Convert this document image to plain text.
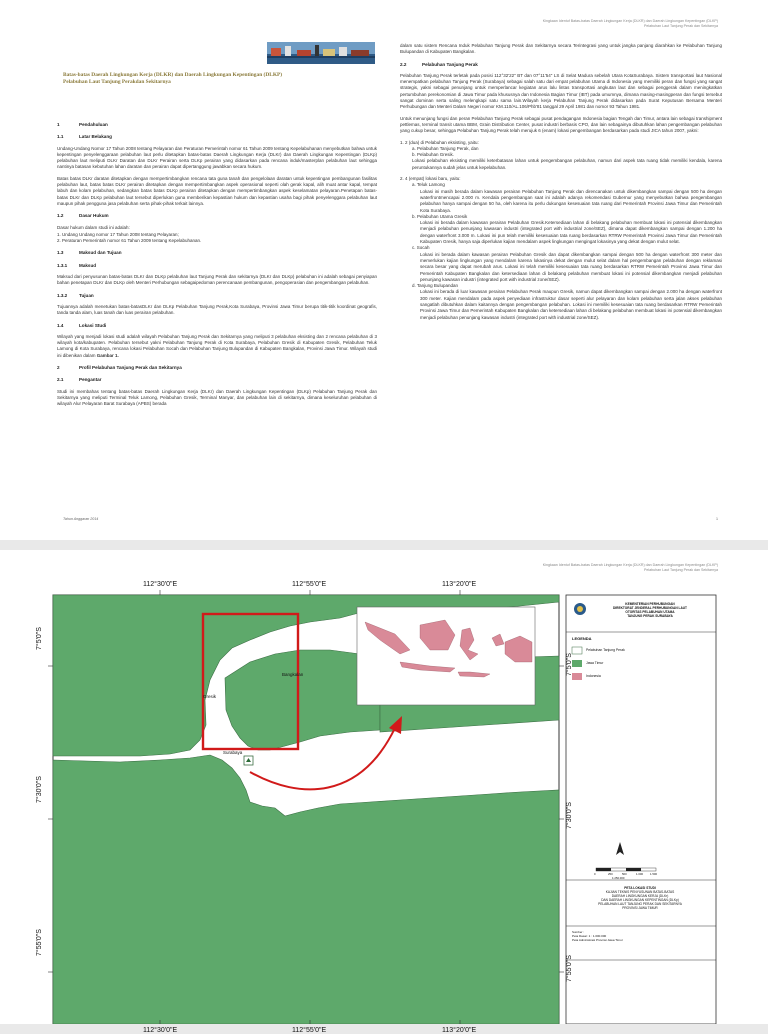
Kingkaan Identuf Batas-batas Daerah Lingkungan Kerja (DLKR) dan Daerah Lingkungan Kepentingan (DLKP)
Pelabuhan Laut Tanjung Perak dan Sekitarnya
Batas-batas Daerah Lingkungan Kerja (DLKR) dan Daerah Lingkungan Kepentingan (DLKP)
Pelabuhan Laut Tanjung Perakdan Sekitarnya
1	Pendahuluan
1.1	Latar Belakang

Undang-Undang Nomor 17 Tahun 2008 tentang Pelayaran dan Peraturan Pemerintah nomor 61 Tahun 2009 tentang Kepelabuhanan menyebutkan bahwa untuk kepentingan penyelenggaraan pelabuhan laut perlu ditetapkan batas-batas Daerah Lingkungan Kerja (DLKr) dan Daerah Lingkungan Kepentingan (DLKp) pelabuhan laut meliputi DLKr Daratan dan DLKr Perairan serta DLKp perairan yang didasarkan pada rencana induk/masterplan pelabuhan laut sehingga nantinya batasan kebutuhan lahan daratan dan perairan dapat dipertanggung jawabkan secara hukum.

Batas batas DLKr daratan ditetapkan dengan mempertimbangkan rencana tata guna tanah dan pengelolaan daratan untuk kepentingan pembangunan fasilitas pelabuhan laut, batas batas DLKr perairan ditetapkan dengan mempertimbangkan aspek operasional seperti olah gerak kapal, alih muat antar kapal, tempat labuh dan kolam pelabuhan, sedangkan batas batas DLKp perairan ditetapkan dengan mempertimbangkan aspek keselamatan pelayaran.Penetapan batas-batas DLKr dan DLKp pelabuhan laut tersebut diperlukan guna memberikan kepastian hukum dan kepastian usaha bagi pihak penyelenggara pelabuhan laut maupun pihak pengguna jasa pelabuhan serta pihak-pihak terkait lainnya.

1.2	Dasar Hukum

Dasar hukum dalam studi ini adalah:

1. Undang Undang nomor 17 Tahun 2008 tentang Pelayaran;
2. Peraturan Pemerintah nomor 61 Tahun 2009 tentang Kepelabuhanan.
1.3	Maksud dan Tujuan
1.3.1	Maksud

Maksud dari penyusunan batas-batas DLKr dan DLKp pelabuhan laut Tanjung Perak dan sekitarnya (DLKr dan DLKp) pelabuhan ini adalah sebagai penyiapan bahan penetapan DLKr dan DLKp oleh Menteri Perhubungan sebagaipedoman perencanaan pembangunan, pengoperasian dan pengembangan pelabuhan.

1.3.2	Tujuan

Tujuannya adalah menetukan batas-batasDLKr dan DLKp Pelabuhan Tanjung Perak,Kota Surabaya, Provinsi Jawa Timur berupa titik-titik koordinat geografis, tanda tanda alam, luas tanah dan luas perairan pelabuhan.

1.4	Lokasi Studi

Wilayah yang menjadi lokasi studi adalah wilayah Pelabuhan Tanjung Perak dan Sekitarnya yang meliputi 3 pelabuhan eksisting dan 2 rencana pelabuhan di 3 wilayah kota/kabupaten. Pelabuhan tersebut yakni Pelabuhan Tanjung Perak di Kota Surabaya, Pelabuhan Gresik di Kabupaten Gresik, Pelabuhan Teluk Lamong di Kota Surabaya, rencana lokasi Pelabuhan Socah dan Pelabuhan Tanjung Bulupandan di Kabupaten Bangkalan, Provinsi Jawa Timur. Wilayah studi ini dibenikan dalam Gambar 1.

2	Profil Pelabuhan Tanjung Perak dan Sekitarnya
2.1	Pengantar

Studi ini membahas tentang batas-batas Daerah Lingkungan Kerja (DLKr) dan Daerah Lingkungan Kepentingan (DLKp) Pelabuhan Tanjung Perak dan Sekitarnya yang meliputi Terminal Teluk Lamong, Pelabuhan Gresik, Terminal Manyar, dan pelabuhan lain di sekitarnya, dimana keseluruhan pelabuhan di wilayah Alur Pelayaran Barat Surabaya (APBS) berada

dalam satu sistem Rencana Induk Pelabuhan Tanjung Perak dan Sekitarnya secara Terintegrasi yang untuk jangka panjang diarahkan ke Pelabuhan Tanjung Bulupandan di Kabupaten Bangkalan.

2.2	Pelabuhan Tanjung Perak

Pelabuhan Tanjung Perak terletak pada posisi 112°32'22" BT dan 07°11'54" LS di Selat Madura sebelah Utara KotaSurabaya. Sistem transportasi laut Nasional menempatkan pelabuhan Tanjung Perak (Surabaya) sebagai salah satu dari empat pelabuhan Utama di Indonesia yang memiliki peran dan fungsi yang sangat strategis, yakni sebagai penunjang untuk memperlancar kegiatan arus lalu lintas transportasi angkutan laut dan sebagai penggerak dalam meningkatkan pertumbuhan perekonomian di Jawa Timur pada khususnya dan Indonesia Bagian Timur (IBT) pada umumnya, dimana masing-masingperan dan fungsi tersebut sangat dominan serta saling melengkapi satu sama lain.Wilayah kerja Pelabuhan Tanjung Perak didasarkan pada Surat Keputusan Bersama Menteri Perhubungan dan Menteri Dalam Negeri nomor KM.110/AL.106/Phb'81 tanggal 29 April 1981 dan nomor 93 Tahun 1981.

Untuk menunjang fungsi dan peran Pelabuhan Tanjung Perak sebagai pusat pendagangan Indonesia bagian Tengah dan Timur, antara lain sebagai transhipment pettlemas, terminal transit utama BBM, Grain Distribution Center, pusat industri berbasis CPO, dan lain sebagainya dibutuhkan lahan pengembangan pelabuhan yang cukup besar, sehingga Pelabuhan Tanjung Perak telah merujuk 6 (enam) lokasi pengembangan berdasarkan pada studi JICA tahun 2007, yakni:

1. 2 (dua) di Pelabuhan eksisting, yaitu:
a. Pelabuhan Tanjung Perak, dan
b. Pelabuhan Gresik.

Lokasi pelabuhan eksisting memiliki keterbatasan lahan untuk pengembangan pelabuhan, namun dari aspek tata ruang tidak memiliki kendala, karena peruntukannya sudah jelas untuk kepelabuhan.

2. 4 (empat) lokasi baru, yaitu:
a. Teluk Lamong

Lokasi ini masih berada dalam kawasan perairan Pelabuhan Tanjung Perak dan direncanakan untuk dikembangkan sampai dengan 500 ha dengan waterfrontmencapai 2.000 m. Kendala pengembangan saat ini adalah adanya rekomendasi Gubernur yang menyebutkan bahwa pengembangan pelabuhan hanya sampai dengan 50 ha, oleh karena itu perlu dukungan kesesuaian tata ruang dari Pemerintah Provinsi Jawa Timur dan Pemerintah Kota Surabaya.

b. Pelabuhan Utama Gresik

Lokasi ini berada dalam kawasan perairan Pelabuhan Gresik.Ketersediaan lahan di belakang pelabuhan membuat lokasi ini potensial dikembangkan menjadi pelabuhan penunjang kawasan industri (integrated port with industrial zone/SEZ), dimana dapat dikembangkan sampai dengan 1.200 ha dengan waterfront 3.000 m. Lokasi ini pun telah memiliki kesesuaian tata ruang berdasarkan RTRW Pemerintah Provinsi Jawa Timur dan Pemerintah Kabupaten Gresik, hanya saja diperlukan kajian mendalam aspek lingkungan mengingat lokasinya yang dekat dengan mulut selat.

c. Socah

Lokasi ini berada dalam kawasan perairan Pelabuhan Gresik dan dapat dikembangkan sampai dengan 500 ha dengan waterfront 300 meter dan memerlukan kajian lingkungan yang mendalam karena lokasinya dekat dengan mulut selat dalam hal pengembangan pelabuhan dengan reklamasi secara besar yang dapat merubah arus. Lokasi ini telah memiliki kesesuaian tata ruang berdasarkan RTRW Pemerintah Provinsi Jawa Timur dan Pemerintah Kabupaten Bangkalan dan ketersediaan lahan di belakang pelabuhan membuat lokasi ini potensial dikembangkan menjadi pelabuhan penunjang kawasan industri (integrated port with industrial zone/SEZ).

d. Tanjung Bulupandan

Lokasi ini berada di luar kawasan perairan Pelabuhan Perak maupun Gresik, namun dapat dikembangkan sampai dengan 2.000 ha dengan waterfront 300 meter. Kajian mendalam pada aspek penyediaan infrastruktur dasar seperti alur pelayaran dan kolam pelabuhan serta jalan akses pelabuhan sangatlah dibutuhkan dalam kaitannya dengan pengembangan pelabuhan. Lokasi ini memiliki kesesuaian tata ruang berdasarkan RTRW Pemerintah Provinsi Jawa Timur dan Pemerintah Kabupaten Bangkalan dan ketersediaan lahan di belakang pelabuhan membuat lokasi ini potensial dikembangkan menjadi pelabuhan penunjang kawasan industri (integrated port with industrial zone/SEZ).

Tahun Anggaran 2014	1
Kingkaan Identuf Batas-batas Daerah Lingkungan Kerja (DLKR) dan Daerah Lingkungan Kepentingan (DLKP)
Pelabuhan Laut Tanjung Perak dan Sekitarnya
112°30'0"E	112°55'0"E	113°20'0"E
112°30'0"E	112°55'0"E	113°20'0"E
7°5'0"S
7°30'0"S
7°55'0"S
7°5'0"S
7°30'0"S
7°55'0"S
Gresik
Bangkalan
Surabaya
KEMENTERIAN PERHUBUNGAN
DIREKTORAT JENDERAL PERHUBUNGAN LAUT
OTORITAS PELABUHAN UTAMA
TANJUNG PERAK SURABAYA
LEGENDA
Pelabuhan Tanjung Perak
Jawa Timur
Indonesia
0	250	500	1.000	1.500
1:250.000
PETA LOKASI STUDI
KAJIAN TEKNIS PENYUSUNAN BATAS-BATAS
DAERAH LINGKUNGAN KERJA (DLKr)
DAN DAERAH LINGKUNGAN KEPENTINGAN (DLKp)
PELABUHAN LAUT TANJUNG PERAK DAN SEKITARNYA
PROVINSI JAWA TIMUR
Sumber :
Peta Dasar: 1 : 1.000.000
Peta Administrasi Provinsi Jawa Timur
